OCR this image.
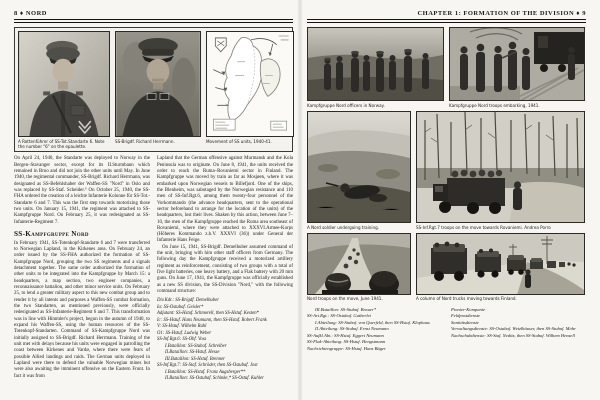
8 ♦ NORD
A Rottenführer of SS-Tot.Standarte 6. Note the number "6" on the epaulette.
SS-Brigdf. Richard Herrmann.	Movement of SS units, 1940-41.

On April 24, 1940, the Standarte was deployed to Norway in the Bergen–Stavanger sector, except for its II.Sturmbann which remained in Brno and did not join the other units until May. In June 1940, the regimental commander, SS-Brigdf. Richard Herrmann, was designated as SS-Befehlshaber der Waffen-SS "Nord" in Oslo and was replaced by SS-Staf. Scheider.⁵ On October 25, 1940, the SS-FHA ordered the creation of a leichte Infanterie Kolonne für SS-Tot.-Standarte 6 and 7. This was the first step towards motorizing those two units. On January 15, 1941, the regiment was attached to SS-Kampfgruppe Nord. On February 25, it was redesignated as SS-Infanterie-Regiment 7.

SS-Kampfgruppe Nord

In February 1941, SS-Totenkopf-Standarte 6 and 7 were transferred to Norwegian Lapland, in the Kirkenes area. On February 24, an order issued by the SS-FHA authorized the formation of SS-Kampfgruppe Nord, grouping the two SS regiments and a signals detachment together. The same order authorized the formation of other units to be integrated into the Kampfgruppe by March 15: a headquarters, a map section, two engineer companies, a reconnaissance battalion, and other minor service units. On February 25, to lend a greater military aspect to this new combat group and to render it by all intents and purposes a Waffen-SS combat formation, the two Standarten, as mentioned previously, were officially redesignated as SS-Infanterie-Regiment 6 and 7. This transformation was in line with Himmler's project, begun in the autumn of 1940, to expand his Waffen-SS, using the human resources of the SS-Totenkopf-Standarten. Command of SS-Kampfgruppe Nord was initially assigned to SS-Brigdf. Richard Herrmann. Training of the unit met with delays because his units were engaged in patrolling the coast between Kirkenes and Vardø, where there were fears of possible Allied landings and raids. The German units deployed in Lapland were there to defend the valuable Norwegian mines but were also awaiting the imminent offensive on the Eastern Front. In fact it was from

Lapland that the German offensive against Murmansk and the Kola Peninsula was to originate. On June 8, 1941, the units received the order to reach the Ruma–Rovaniemi sector in Finland. The Kampfgruppe was moved by train as far as Mosjøen, where it was embarked upon Norwegian vessels to Billefjord. One of the ships, the Blenheim, was sabotaged by the Norwegian resistance and 110 men of SS-Inf.Rgt.6, among them twenty-four personnel of the Vorkommando (the advance headquarters, sent to the operational sector beforehand to arrange for the location of the units) of the headquarters, lost their lives. Shaken by this action, between June 7–10, the men of the Kampfgruppe reached the Ruma area southeast of Rovaniemi, where they were attached to XXXVI.Armee-Korps (Höheres Kommando z.b.V. XXXVI (36)) under General der Infanterie Hans Feige.

On June 15, 1941, SS-Brigdf. Demelhuber assumed command of the unit, bringing with him other staff officers from Germany. The following day the Kampfgruppe received a motorized artillery regiment as reinforcement, consisting of two groups with a total of five light batteries, one heavy battery, and a Flak battery with 20 mm guns. On June 17, 1941, the Kampfgruppe was officially established as a new SS division, the SS-Division "Nord," with the following command structure:

Div.Kdr.: SS-Brigdf. Demelhuber
Ia: SS-Ostubaf. Geisler*
Adjutant: SS-Hstuf. Schmorell, then SS-Hstuf. Kesten*
Ic: SS-Hstuf. Hans Neumann, then SS-Hstuf. Robert Frank
V: SS-Hstuf. Wilhelm Ruhl
O1: SS-Hstuf. Ludwig Weber
SS-Inf.Rgt.6: SS-Obf. Voss
I.Bataillon: SS-Stubaf. Schreiber
II.Bataillon: SS-Hstuf. Hesse
III.Bataillon: SS-Hstuf. Brenner
SS-Inf.Rgt.7: SS-Staf. Schröder, then SS-Ostubaf. Jost
I.Bataillon: SS-Hstuf. Franz Augsberger**
II.Bataillon: SS-Ostubaf. Schinke,* SS-Ostuf. Kuhler
CHAPTER 1: FORMATION OF THE DIVISION ♦ 9
Kampfgruppe Nord officers in Norway.	Kampfgruppe Nord troops embarking, 1941.
A Nord soldier undergoing training.	SS-Inf.Rgt.7 troops on the move towards Rovaniemi. Andrea Porro
Nord troops on the move, June 1941.	A column of Nord trucks moving towards Finland.
III.Bataillon: SS-Stubaf. Brauer*
SS-Art.Rgt.: SS-Ostubaf. Gutberlet
I.Abteilung: SS-Stubaf. von Querfeld, then SS-Hstuf. Klophaus
II.Abteilung: SS-Stubaf. Ernst Neumann
SS-Aufkl.Abt.: SS-Hstuf. Eggert Neumann
SS-Flak-Abteilung: SS-Hstuf. Hengstmann
Nachrichtengruppe: SS-Hstuf. Hans Bäger
Pionier-Kompanie
Feldpostdienste
Sanitätsdienste
Verwaltungsdienste: SS-Ostubaf. Wetzlhäuser, then SS-Stubaf. Mohr
Nachschubdienste: SS-Staf. Neditz, then SS-Stubaf. Wilhem Hensell
